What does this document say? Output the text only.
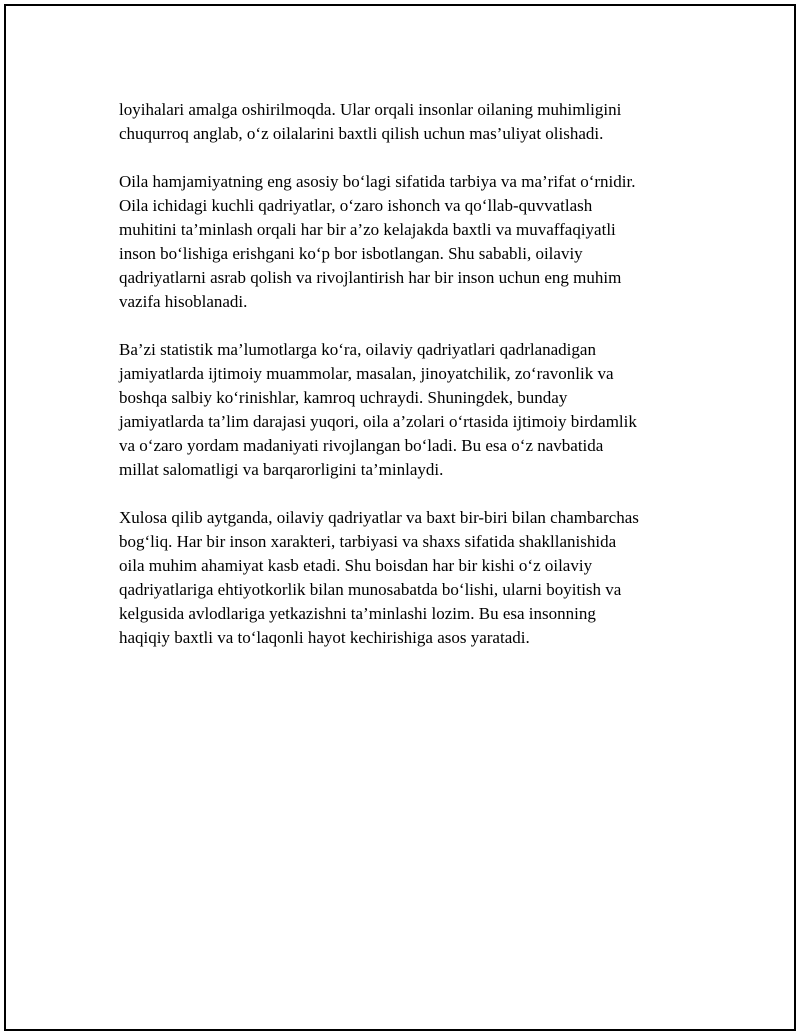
loyihalari amalga oshirilmoqda. Ular orqali insonlar oilaning muhimligini
chuqurroq anglab, o‘z oilalarini baxtli qilish uchun mas’uliyat olishadi.
Oila hamjamiyatning eng asosiy bo‘lagi sifatida tarbiya va ma’rifat o‘rnidir.
Oila ichidagi kuchli qadriyatlar, o‘zaro ishonch va qo‘llab-quvvatlash
muhitini ta’minlash orqali har bir a’zo kelajakda baxtli va muvaffaqiyatli
inson bo‘lishiga erishgani ko‘p bor isbotlangan. Shu sababli, oilaviy
qadriyatlarni asrab qolish va rivojlantirish har bir inson uchun eng muhim
vazifa hisoblanadi.
Ba’zi statistik ma’lumotlarga ko‘ra, oilaviy qadriyatlari qadrlanadigan
jamiyatlarda ijtimoiy muammolar, masalan, jinoyatchilik, zo‘ravonlik va
boshqa salbiy ko‘rinishlar, kamroq uchraydi. Shuningdek, bunday
jamiyatlarda ta’lim darajasi yuqori, oila a’zolari o‘rtasida ijtimoiy birdamlik
va o‘zaro yordam madaniyati rivojlangan bo‘ladi. Bu esa o‘z navbatida
millat salomatligi va barqarorligini ta’minlaydi.
Xulosa qilib aytganda, oilaviy qadriyatlar va baxt bir-biri bilan chambarchas
bog‘liq. Har bir inson xarakteri, tarbiyasi va shaxs sifatida shakllanishida
oila muhim ahamiyat kasb etadi. Shu boisdan har bir kishi o‘z oilaviy
qadriyatlariga ehtiyotkorlik bilan munosabatda bo‘lishi, ularni boyitish va
kelgusida avlodlariga yetkazishni ta’minlashi lozim. Bu esa insonning
haqiqiy baxtli va to‘laqonli hayot kechirishiga asos yaratadi.
